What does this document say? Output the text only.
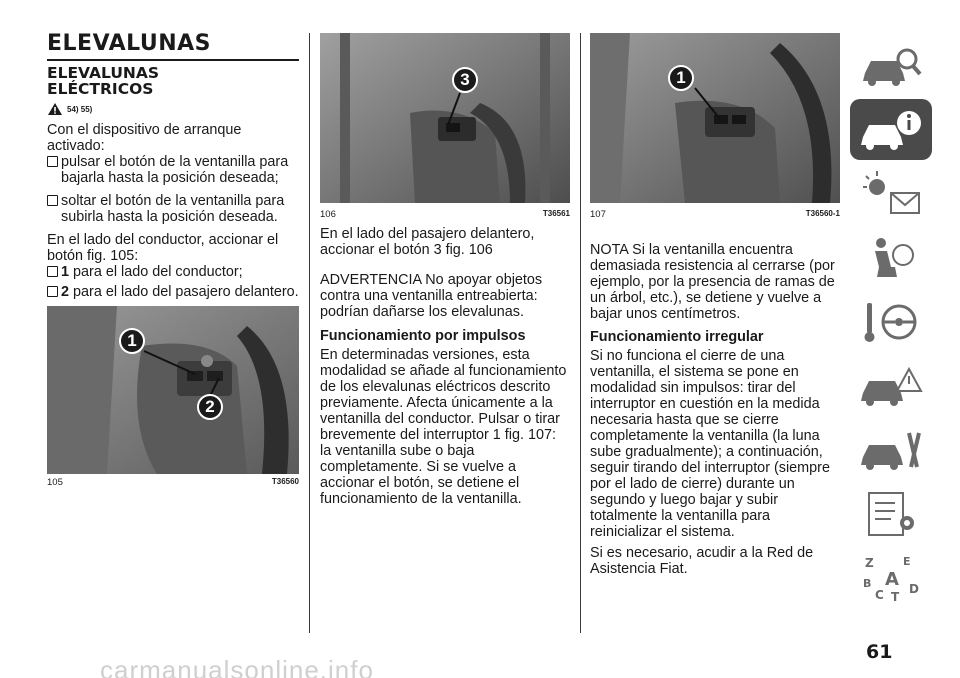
ELEVALUNAS
ELEVALUNAS ELÉCTRICOS
54) 55)

Con el dispositivo de arranque activado:

pulsar el botón de la ventanilla para bajarla hasta la posición deseada;
soltar el botón de la ventanilla para subirla hasta la posición deseada.

En el lado del conductor, accionar el botón fig. 105:

1 para el lado del conductor;
2 para el lado del pasajero delantero.
1
2
105	T36560
3
106	T36561

En el lado del pasajero delantero, accionar el botón 3 fig. 106

ADVERTENCIA No apoyar objetos contra una ventanilla entreabierta: podrían dañarse los elevalunas.

Funcionamiento por impulsos

En determinadas versiones, esta modalidad se añade al funcionamiento de los elevalunas eléctricos descrito previamente. Afecta únicamente a la ventanilla del conductor. Pulsar o tirar brevemente del interruptor 1 fig. 107: la ventanilla sube o baja completamente. Si se vuelve a accionar el botón, se detiene el funcionamiento de la ventanilla.

1
107	T36560-1

NOTA Si la ventanilla encuentra demasiada resistencia al cerrarse (por ejemplo, por la presencia de ramas de un árbol, etc.), se detiene y vuelve a bajar unos centímetros.

Funcionamiento irregular

Si no funciona el cierre de una ventanilla, el sistema se pone en modalidad sin impulsos: tirar del interruptor en cuestión en la medida necesaria hasta que se cierre completamente la ventanilla (la luna sube gradualmente); a continuación, seguir tirando del interruptor (siempre por el lado de cierre) durante un segundo y luego bajar y subir totalmente la ventanilla para reinicializar el sistema.

Si es necesario, acudir a la Red de Asistencia Fiat.	Z	E
A
B
C D
T
61
carmanualsonline.info
